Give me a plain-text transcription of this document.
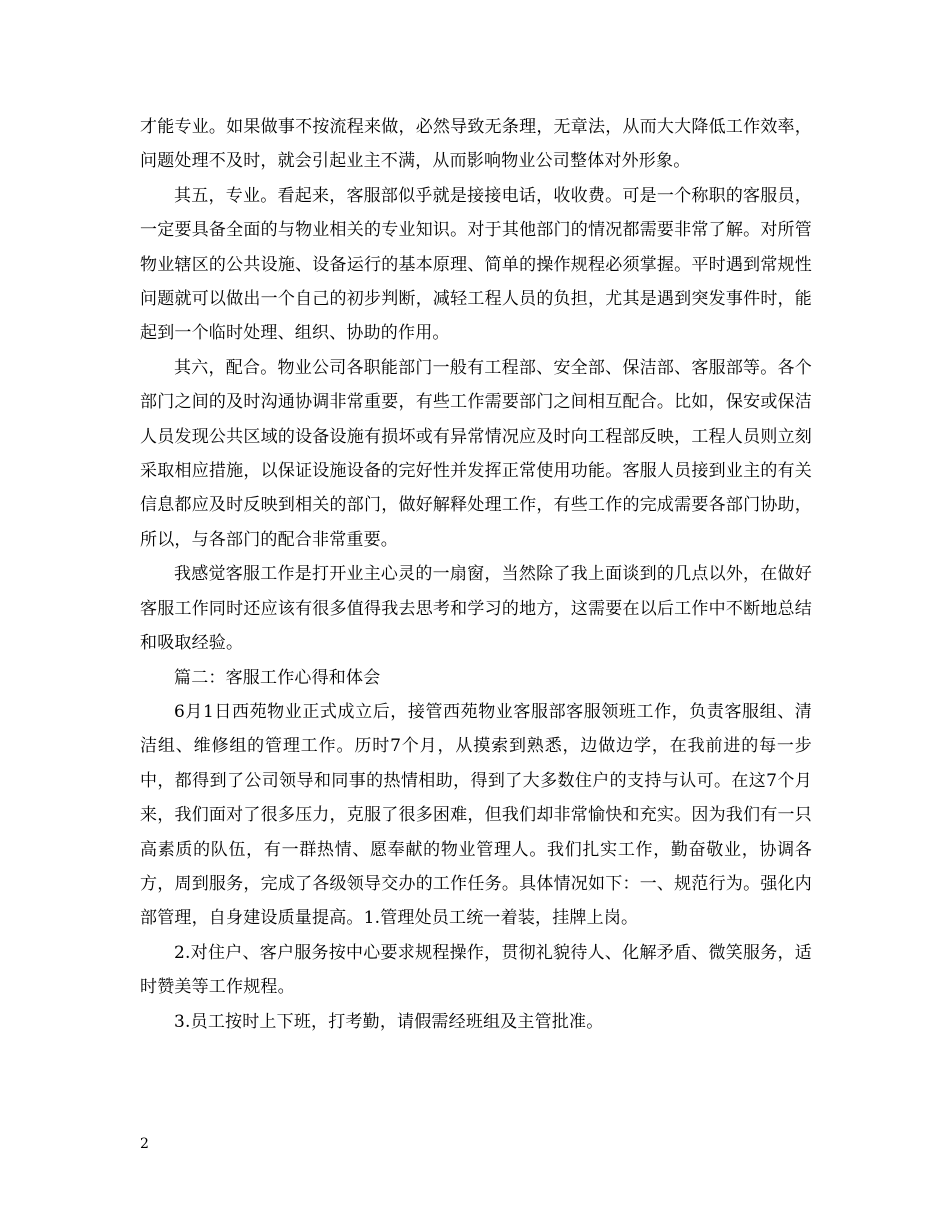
才能专业。如果做事不按流程来做，必然导致无条理，无章法，从而大大降低工作效率，问题处理不及时，就会引起业主不满，从而影响物业公司整体对外形象。

其五，专业。看起来，客服部似乎就是接接电话，收收费。可是一个称职的客服员，一定要具备全面的与物业相关的专业知识。对于其他部门的情况都需要非常了解。对所管物业辖区的公共设施、设备运行的基本原理、简单的操作规程必须掌握。平时遇到常规性问题就可以做出一个自己的初步判断，减轻工程人员的负担，尤其是遇到突发事件时，能起到一个临时处理、组织、协助的作用。

其六，配合。物业公司各职能部门一般有工程部、安全部、保洁部、客服部等。各个部门之间的及时沟通协调非常重要，有些工作需要部门之间相互配合。比如，保安或保洁人员发现公共区域的设备设施有损坏或有异常情况应及时向工程部反映，工程人员则立刻采取相应措施，以保证设施设备的完好性并发挥正常使用功能。客服人员接到业主的有关信息都应及时反映到相关的部门，做好解释处理工作，有些工作的完成需要各部门协助，所以，与各部门的配合非常重要。

我感觉客服工作是打开业主心灵的一扇窗，当然除了我上面谈到的几点以外，在做好客服工作同时还应该有很多值得我去思考和学习的地方，这需要在以后工作中不断地总结和吸取经验。

篇二：客服工作心得和体会

6月1日西苑物业正式成立后，接管西苑物业客服部客服领班工作，负责客服组、清洁组、维修组的管理工作。历时7个月，从摸索到熟悉，边做边学，在我前进的每一步中，都得到了公司领导和同事的热情相助，得到了大多数住户的支持与认可。在这7个月来，我们面对了很多压力，克服了很多困难，但我们却非常愉快和充实。因为我们有一只高素质的队伍，有一群热情、愿奉献的物业管理人。我们扎实工作，勤奋敬业，协调各方，周到服务，完成了各级领导交办的工作任务。具体情况如下：一、规范行为。强化内部管理，自身建设质量提高。1.管理处员工统一着装，挂牌上岗。

2.对住户、客户服务按中心要求规程操作，贯彻礼貌待人、化解矛盾、微笑服务，适时赞美等工作规程。

3.员工按时上下班，打考勤，请假需经班组及主管批准。

2
